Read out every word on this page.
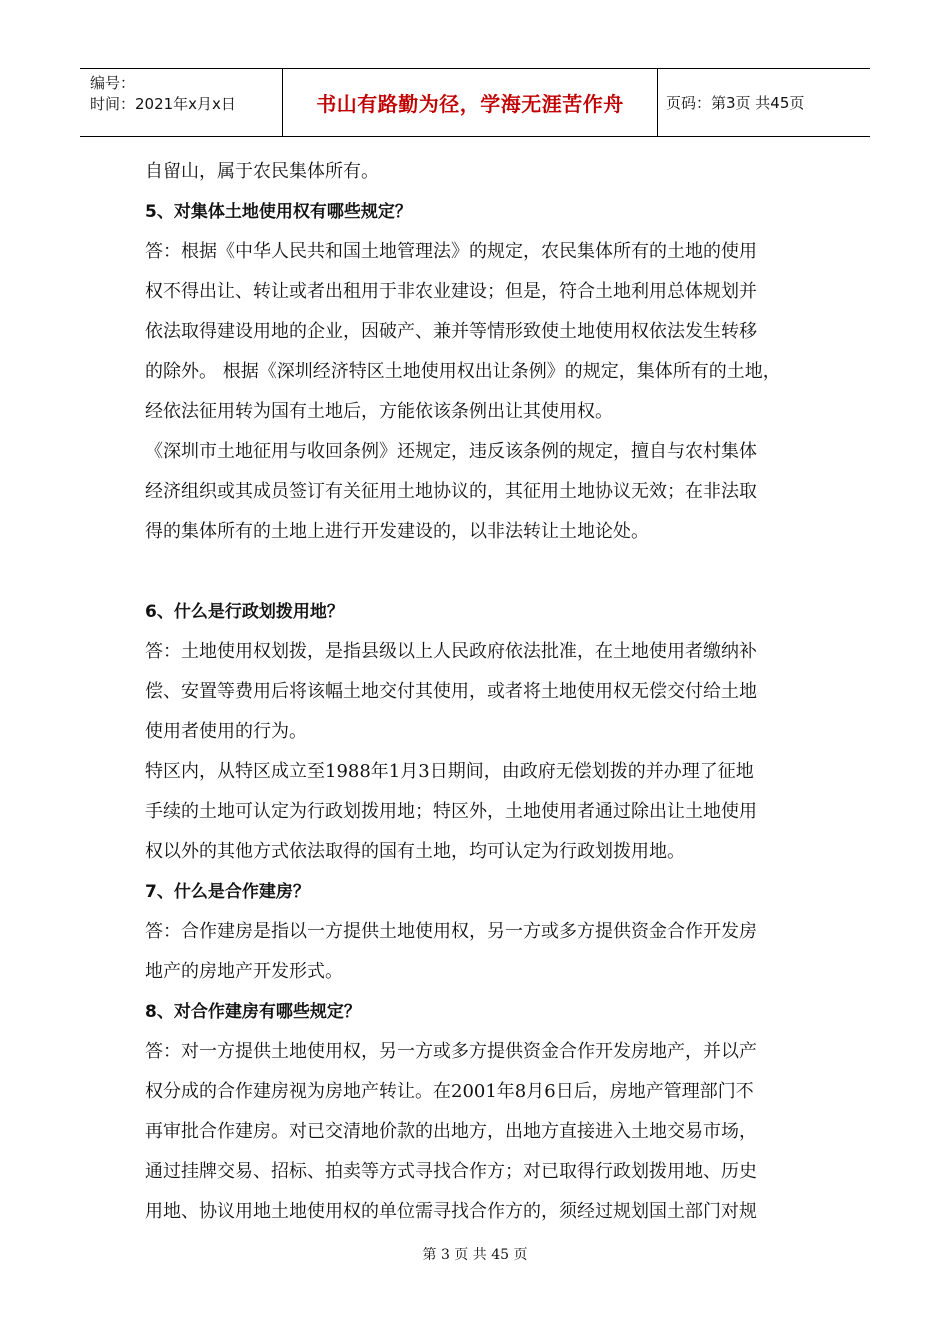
编号：
时间：2021年x月x日	书山有路勤为径，学海无涯苦作舟	页码：第3页 共45页
自留山，属于农民集体所有。
5、对集体土地使用权有哪些规定？
答：根据《中华人民共和国土地管理法》的规定，农民集体所有的土地的使用
权不得出让、转让或者出租用于非农业建设；但是，符合土地利用总体规划并
依法取得建设用地的企业，因破产、兼并等情形致使土地使用权依法发生转移
的除外。 根据《深圳经济特区土地使用权出让条例》的规定，集体所有的土地，
经依法征用转为国有土地后，方能依该条例出让其使用权。
《深圳市土地征用与收回条例》还规定，违反该条例的规定，擅自与农村集体
经济组织或其成员签订有关征用土地协议的，其征用土地协议无效；在非法取
得的集体所有的土地上进行开发建设的，以非法转让土地论处。
6、什么是行政划拨用地？
答：土地使用权划拨，是指县级以上人民政府依法批准，在土地使用者缴纳补
偿、安置等费用后将该幅土地交付其使用，或者将土地使用权无偿交付给土地
使用者使用的行为。
特区内，从特区成立至1988年1月3日期间，由政府无偿划拨的并办理了征地
手续的土地可认定为行政划拨用地；特区外，土地使用者通过除出让土地使用
权以外的其他方式依法取得的国有土地，均可认定为行政划拨用地。
7、什么是合作建房？
答：合作建房是指以一方提供土地使用权，另一方或多方提供资金合作开发房
地产的房地产开发形式。
8、对合作建房有哪些规定？
答：对一方提供土地使用权，另一方或多方提供资金合作开发房地产，并以产
权分成的合作建房视为房地产转让。在2001年8月6日后，房地产管理部门不
再审批合作建房。对已交清地价款的出地方，出地方直接进入土地交易市场，
通过挂牌交易、招标、拍卖等方式寻找合作方；对已取得行政划拨用地、历史
用地、协议用地土地使用权的单位需寻找合作方的，须经过规划国土部门对规
第 3 页 共 45 页
